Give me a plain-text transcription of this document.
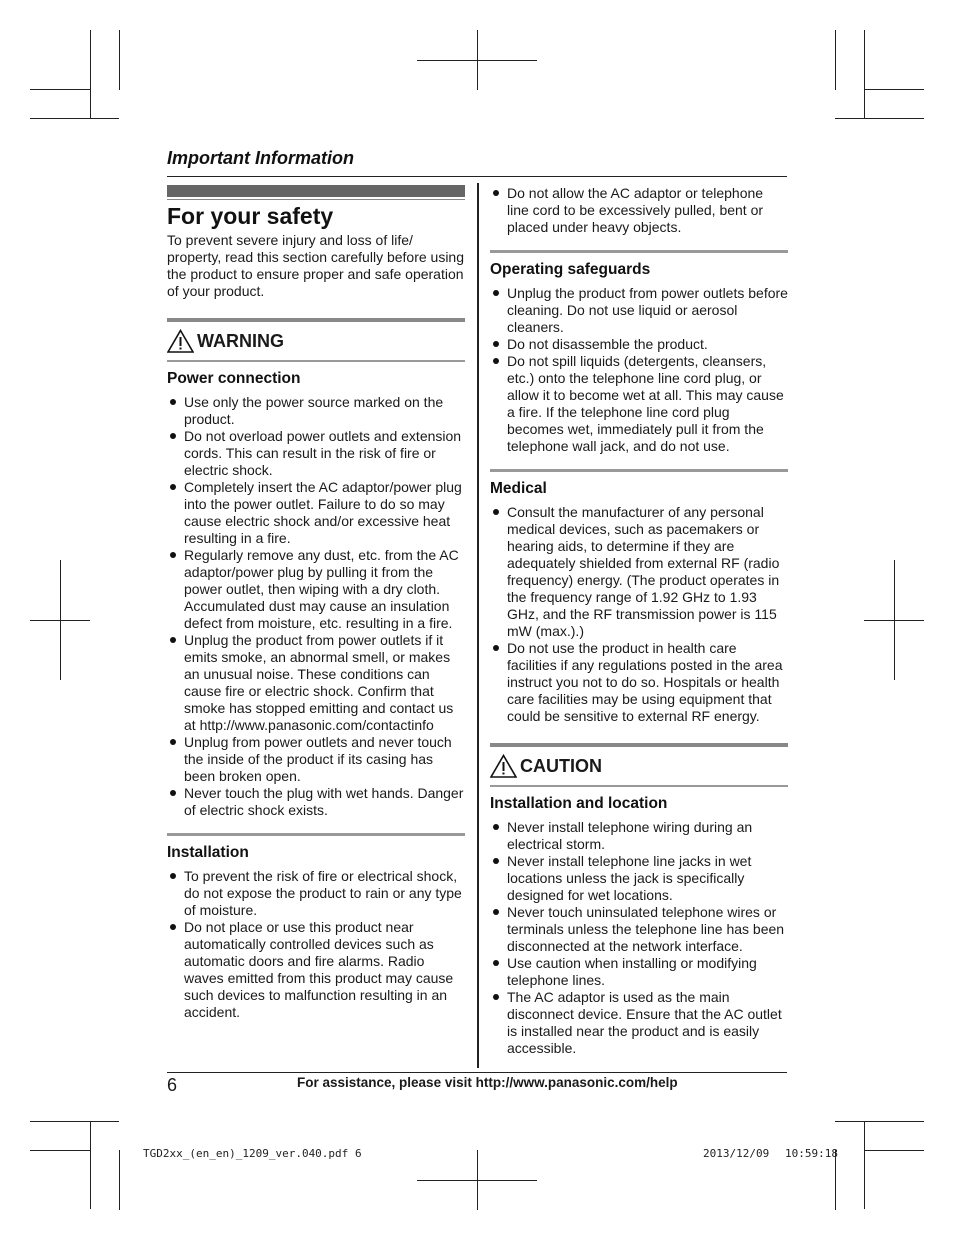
Important Information
For your safety

To prevent severe injury and loss of life/ property, read this section carefully before using the product to ensure proper and safe operation of your product.

WARNING
Power connection
Use only the power source marked on the product.
Do not overload power outlets and extension cords. This can result in the risk of fire or electric shock.
Completely insert the AC adaptor/power plug into the power outlet. Failure to do so may cause electric shock and/or excessive heat resulting in a fire.
Regularly remove any dust, etc. from the AC adaptor/power plug by pulling it from the power outlet, then wiping with a dry cloth. Accumulated dust may cause an insulation defect from moisture, etc. resulting in a fire.
Unplug the product from power outlets if it emits smoke, an abnormal smell, or makes an unusual noise. These conditions can cause fire or electric shock. Confirm that smoke has stopped emitting and contact us at http://www.panasonic.com/contactinfo
Unplug from power outlets and never touch the inside of the product if its casing has been broken open.
Never touch the plug with wet hands. Danger of electric shock exists.
Installation
To prevent the risk of fire or electrical shock, do not expose the product to rain or any type of moisture.
Do not place or use this product near automatically controlled devices such as automatic doors and fire alarms. Radio waves emitted from this product may cause such devices to malfunction resulting in an accident.
Do not allow the AC adaptor or telephone line cord to be excessively pulled, bent or placed under heavy objects.
Operating safeguards
Unplug the product from power outlets before cleaning. Do not use liquid or aerosol cleaners.
Do not disassemble the product.
Do not spill liquids (detergents, cleansers, etc.) onto the telephone line cord plug, or allow it to become wet at all. This may cause a fire. If the telephone line cord plug becomes wet, immediately pull it from the telephone wall jack, and do not use.
Medical
Consult the manufacturer of any personal medical devices, such as pacemakers or hearing aids, to determine if they are adequately shielded from external RF (radio frequency) energy. (The product operates in the frequency range of 1.92 GHz to 1.93 GHz, and the RF transmission power is 115 mW (max.).)
Do not use the product in health care facilities if any regulations posted in the area instruct you not to do so. Hospitals or health care facilities may be using equipment that could be sensitive to external RF energy.
CAUTION
Installation and location
Never install telephone wiring during an electrical storm.
Never install telephone line jacks in wet locations unless the jack is specifically designed for wet locations.
Never touch uninsulated telephone wires or terminals unless the telephone line has been disconnected at the network interface.
Use caution when installing or modifying telephone lines.
The AC adaptor is used as the main disconnect device. Ensure that the AC outlet is installed near the product and is easily accessible.
6	For assistance, please visit http://www.panasonic.com/help
TGD2xx_(en_en)_1209_ver.040.pdf 6	2013/12/09 10:59:18
